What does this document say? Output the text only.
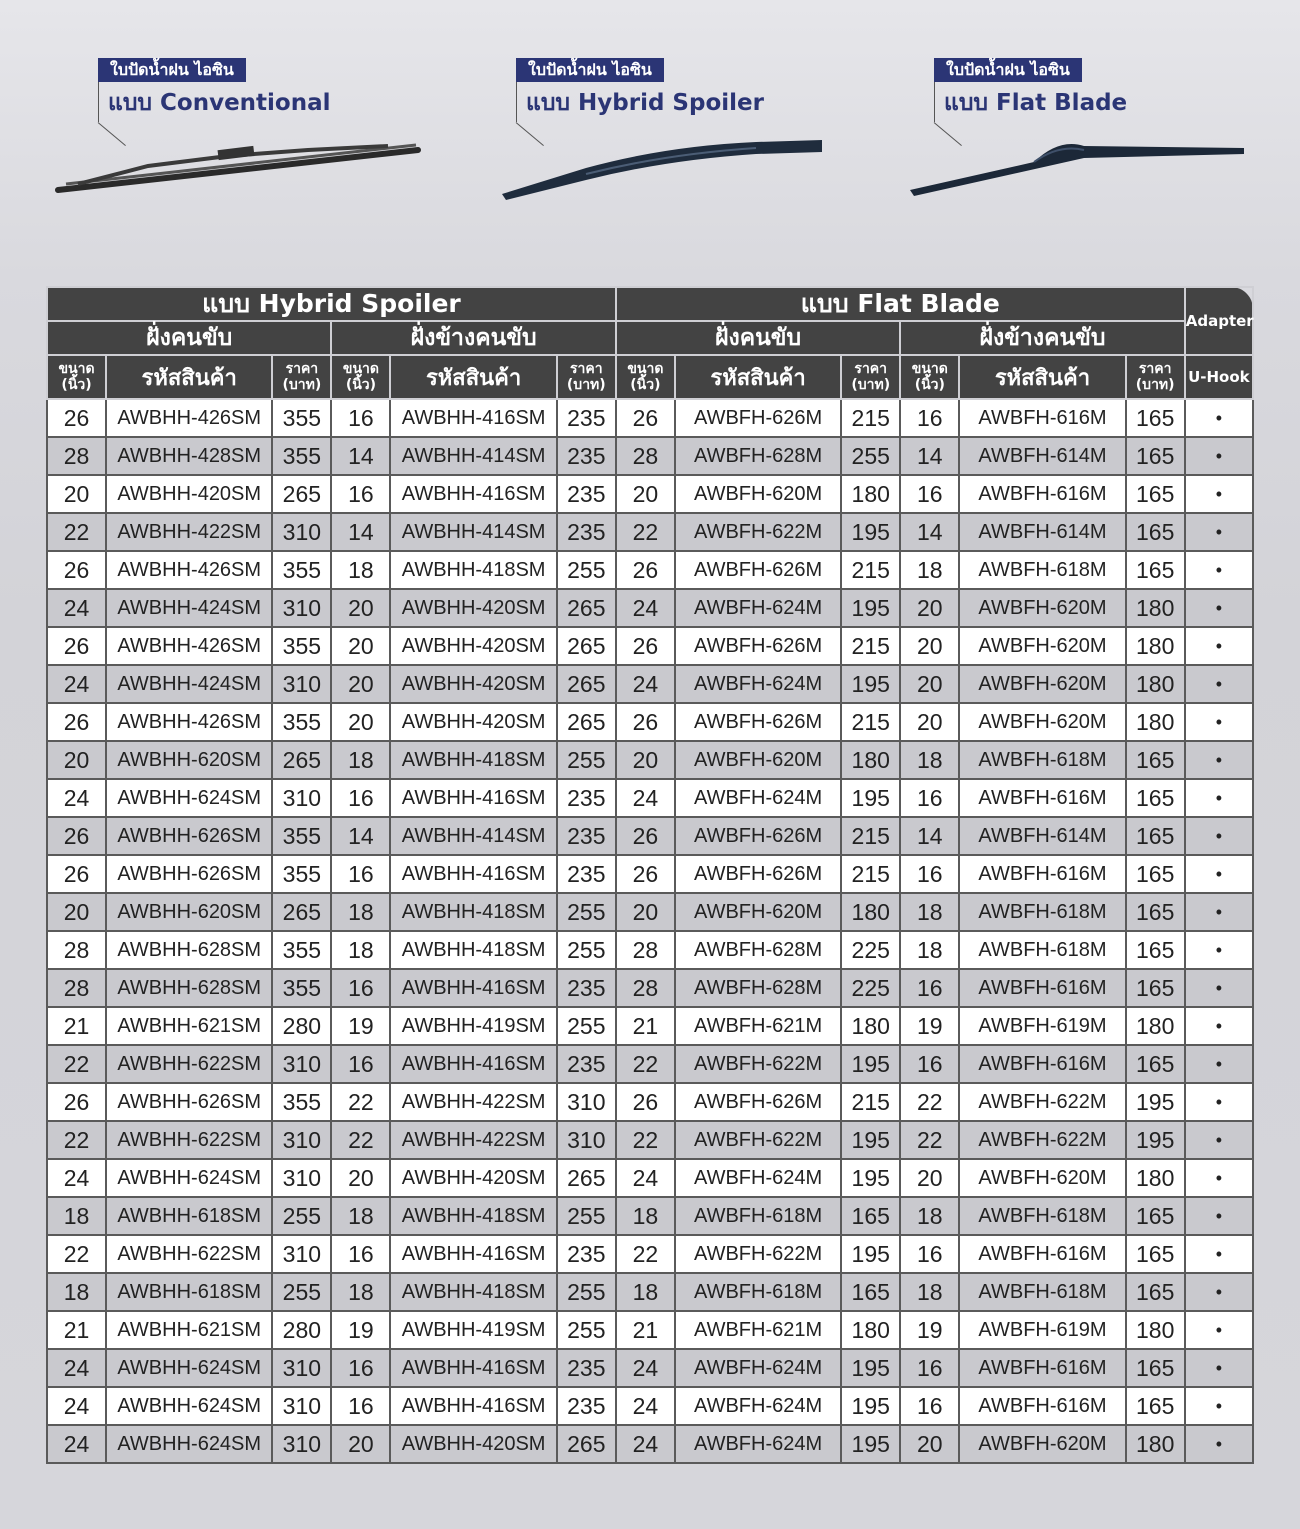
ใบปัดน้ำฝน ไอซิน
แบบ Conventional
ใบปัดน้ำฝน ไอซิน
แบบ Hybrid Spoiler
ใบปัดน้ำฝน ไอซิน
แบบ Flat Blade
แบบ Hybrid Spoiler						แบบ Flat Blade						Adapter
ฝั่งคนขับ			ฝั่งข้างคนขับ			ฝั่งคนขับ			ฝั่งข้างคนขับ			
ขนาด (นิ้ว)	รหัสสินค้า	ราคา (บาท)	ขนาด (นิ้ว)	รหัสสินค้า	ราคา (บาท)	ขนาด (นิ้ว)	รหัสสินค้า	ราคา (บาท)	ขนาด (นิ้ว)	รหัสสินค้า	ราคา (บาท)	U-Hook
26	AWBHH-426SM	355	16	AWBHH-416SM	235	26	AWBFH-626M	215	16	AWBFH-616M	165	•
28	AWBHH-428SM	355	14	AWBHH-414SM	235	28	AWBFH-628M	255	14	AWBFH-614M	165	•
20	AWBHH-420SM	265	16	AWBHH-416SM	235	20	AWBFH-620M	180	16	AWBFH-616M	165	•
22	AWBHH-422SM	310	14	AWBHH-414SM	235	22	AWBFH-622M	195	14	AWBFH-614M	165	•
26	AWBHH-426SM	355	18	AWBHH-418SM	255	26	AWBFH-626M	215	18	AWBFH-618M	165	•
24	AWBHH-424SM	310	20	AWBHH-420SM	265	24	AWBFH-624M	195	20	AWBFH-620M	180	•
26	AWBHH-426SM	355	20	AWBHH-420SM	265	26	AWBFH-626M	215	20	AWBFH-620M	180	•
24	AWBHH-424SM	310	20	AWBHH-420SM	265	24	AWBFH-624M	195	20	AWBFH-620M	180	•
26	AWBHH-426SM	355	20	AWBHH-420SM	265	26	AWBFH-626M	215	20	AWBFH-620M	180	•
20	AWBHH-620SM	265	18	AWBHH-418SM	255	20	AWBFH-620M	180	18	AWBFH-618M	165	•
24	AWBHH-624SM	310	16	AWBHH-416SM	235	24	AWBFH-624M	195	16	AWBFH-616M	165	•
26	AWBHH-626SM	355	14	AWBHH-414SM	235	26	AWBFH-626M	215	14	AWBFH-614M	165	•
26	AWBHH-626SM	355	16	AWBHH-416SM	235	26	AWBFH-626M	215	16	AWBFH-616M	165	•
20	AWBHH-620SM	265	18	AWBHH-418SM	255	20	AWBFH-620M	180	18	AWBFH-618M	165	•
28	AWBHH-628SM	355	18	AWBHH-418SM	255	28	AWBFH-628M	225	18	AWBFH-618M	165	•
28	AWBHH-628SM	355	16	AWBHH-416SM	235	28	AWBFH-628M	225	16	AWBFH-616M	165	•
21	AWBHH-621SM	280	19	AWBHH-419SM	255	21	AWBFH-621M	180	19	AWBFH-619M	180	•
22	AWBHH-622SM	310	16	AWBHH-416SM	235	22	AWBFH-622M	195	16	AWBFH-616M	165	•
26	AWBHH-626SM	355	22	AWBHH-422SM	310	26	AWBFH-626M	215	22	AWBFH-622M	195	•
22	AWBHH-622SM	310	22	AWBHH-422SM	310	22	AWBFH-622M	195	22	AWBFH-622M	195	•
24	AWBHH-624SM	310	20	AWBHH-420SM	265	24	AWBFH-624M	195	20	AWBFH-620M	180	•
18	AWBHH-618SM	255	18	AWBHH-418SM	255	18	AWBFH-618M	165	18	AWBFH-618M	165	•
22	AWBHH-622SM	310	16	AWBHH-416SM	235	22	AWBFH-622M	195	16	AWBFH-616M	165	•
18	AWBHH-618SM	255	18	AWBHH-418SM	255	18	AWBFH-618M	165	18	AWBFH-618M	165	•
21	AWBHH-621SM	280	19	AWBHH-419SM	255	21	AWBFH-621M	180	19	AWBFH-619M	180	•
24	AWBHH-624SM	310	16	AWBHH-416SM	235	24	AWBFH-624M	195	16	AWBFH-616M	165	•
24	AWBHH-624SM	310	16	AWBHH-416SM	235	24	AWBFH-624M	195	16	AWBFH-616M	165	•
24	AWBHH-624SM	310	20	AWBHH-420SM	265	24	AWBFH-624M	195	20	AWBFH-620M	180	•
